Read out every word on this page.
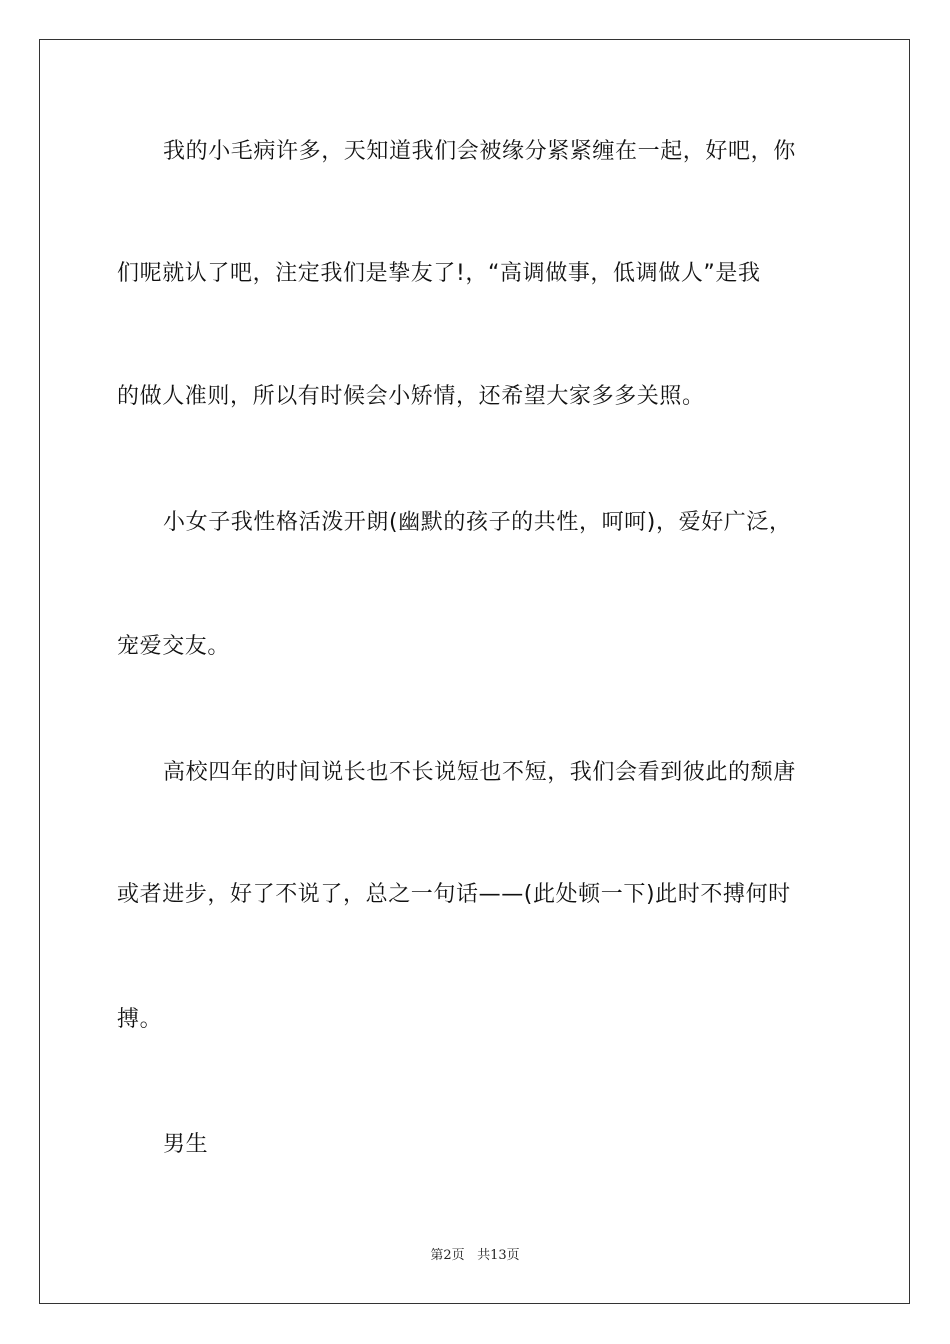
我的小毛病许多，天知道我们会被缘分紧紧缠在一起，好吧，你
们呢就认了吧，注定我们是挚友了!，“高调做事，低调做人”是我
的做人准则，所以有时候会小矫情，还希望大家多多关照。
小女子我性格活泼开朗(幽默的孩子的共性，呵呵)，爱好广泛，
宠爱交友。
高校四年的时间说长也不长说短也不短，我们会看到彼此的颓唐
或者进步，好了不说了，总之一句话——(此处顿一下)此时不搏何时
搏。
男生
第2页 共13页
